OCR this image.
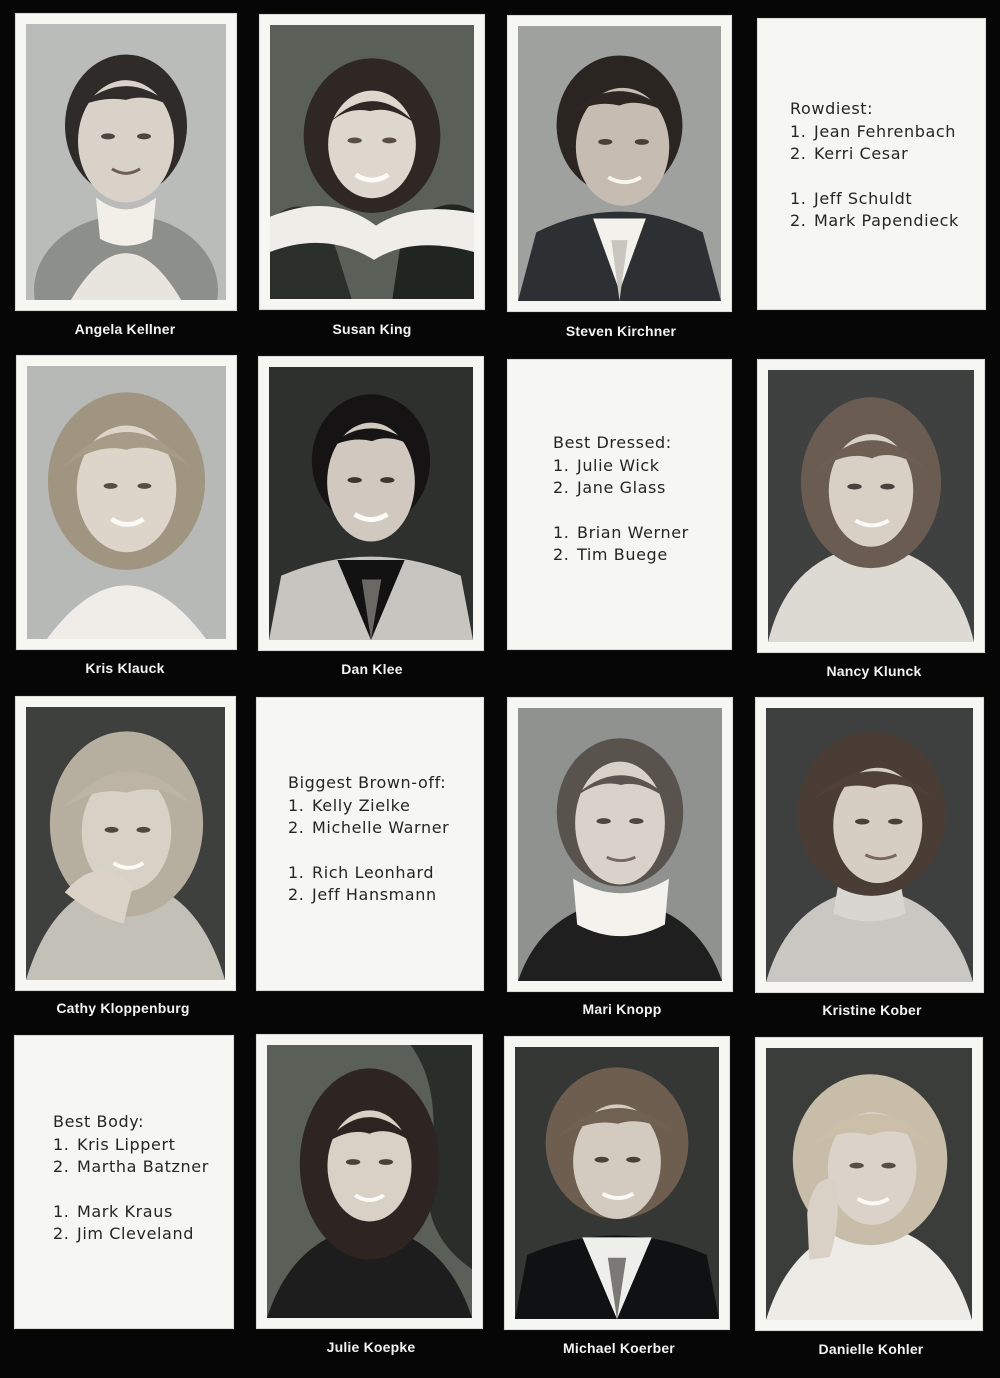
Angela Kellner	Susan King	Steven Kirchner
Rowdiest:
1. Jean Fehrenbach
2. Kerri Cesar
1. Jeff Schuldt
2. Mark Papendieck
Kris Klauck	Dan Klee
Best Dressed:
1. Julie Wick
2. Jane Glass
1. Brian Werner
2. Tim Buege
Nancy Klunck
Cathy Kloppenburg
Biggest Brown-off:
1. Kelly Zielke
2. Michelle Warner
1. Rich Leonhard
2. Jeff Hansmann
Mari Knopp	Kristine Kober
Best Body:
1. Kris Lippert
2. Martha Batzner
1. Mark Kraus
2. Jim Cleveland
Julie Koepke	Michael Koerber	Danielle Kohler
